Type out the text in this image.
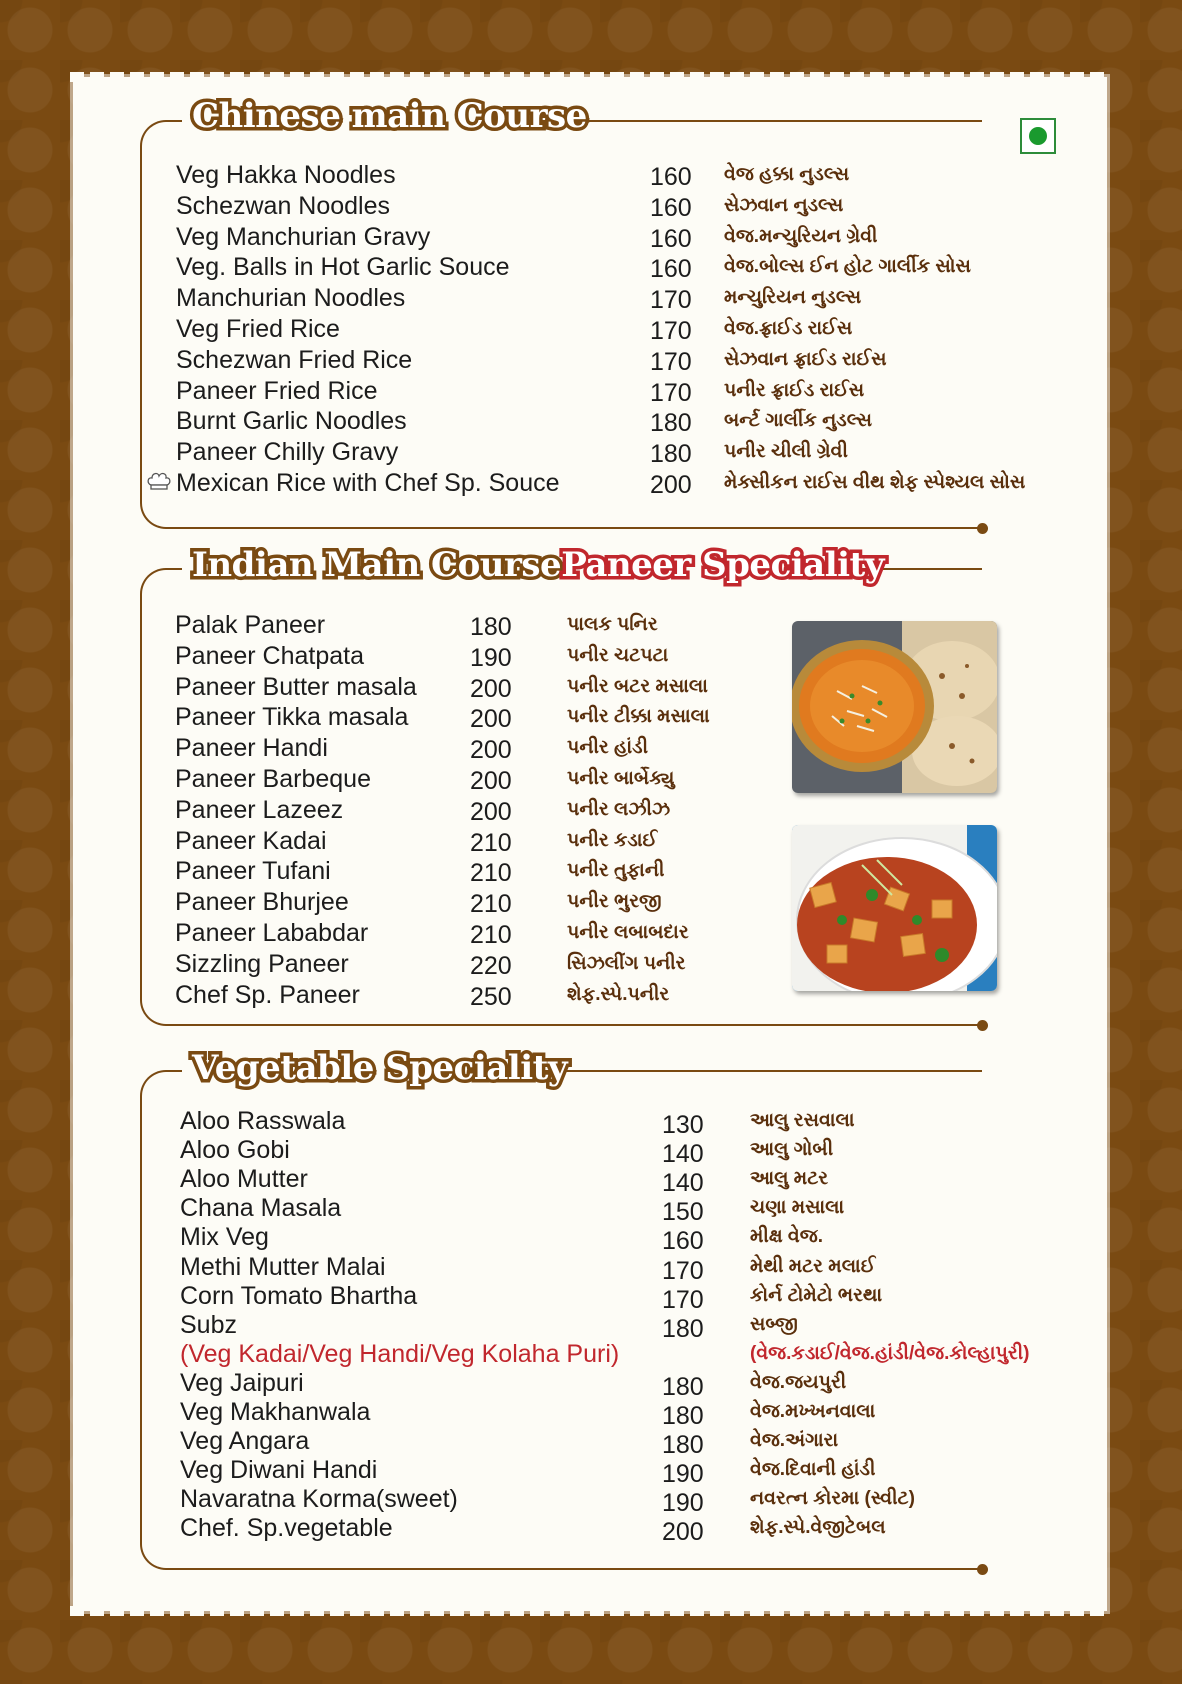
Chinese main Course
Indian Main CoursePaneer Speciality
Vegetable Speciality
Veg Hakka Noodles	160 વેજ હક્કા નુડલ્સ
Schezwan Noodles	160 સેઝવાન નુડલ્સ
Veg Manchurian Gravy	160 વેજ.મન્ચુરિયન ગ્રેવી
Veg. Balls in Hot Garlic Souce	160 વેજ.બોલ્સ ઈન હોટ ગાર્લીક સોસ
Manchurian Noodles	170 મન્ચુરિયન નુડલ્સ
Veg Fried Rice	170 વેજ.ફ્રાઈડ રાઈસ
Schezwan Fried Rice	170 સેઝવાન ફ્રાઈડ રાઈસ
Paneer Fried Rice	170 પનીર ફ્રાઈડ રાઈસ
Burnt Garlic Noodles	180 બર્ન્ટ ગાર્લીક નુડલ્સ
Paneer Chilly Gravy	180 પનીર ચીલી ગ્રેવી
Mexican Rice with Chef Sp. Souce	200 મેક્સીકન રાઈસ વીથ શેફ સ્પેશ્યલ સોસ
Palak Paneer	180	પાલક પનિર
Paneer Chatpata	190	પનીર ચટપટા
Paneer Butter masala 200	પનીર બટર મસાલા
Paneer Tikka masala 200	પનીર ટીક્કા મસાલા
Paneer Handi	200	પનીર હાંડી
Paneer Barbeque	200	પનીર બાર્બેક્યુ
Paneer Lazeez	200	પનીર લઝીઝ
Paneer Kadai	210	પનીર કડાઈ
Paneer Tufani	210	પનીર તુફાની
Paneer Bhurjee	210	પનીર ભુરજી
Paneer Lababdar	210	પનીર લબાબદાર
Sizzling Paneer	220	સિઝલીંગ પનીર
Chef Sp. Paneer	250	શેફ.સ્પે.પનીર
Aloo Rasswala	130 આલુ રસવાલા
Aloo Gobi	140 આલુ ગોબી
Aloo Mutter	140 આલુ મટર
Chana Masala	150 ચણા મસાલા
Mix Veg	160 મીક્ષ વેજ.
Methi Mutter Malai	170 મેથી મટર મલાઈ
Corn Tomato Bhartha	170 કોર્ન ટોમેટો ભરથા
Subz	180 સબ્જી
(Veg Kadai/Veg Handi/Veg Kolaha Puri)	(વેજ.કડાઈ/વેજ.હાંડી/વેજ.કોલ્હાપુરી)
Veg Jaipuri	180 વેજ.જયપુરી
Veg Makhanwala	180 વેજ.મખ્ખનવાલા
Veg Angara	180 વેજ.અંગારા
Veg Diwani Handi	190 વેજ.દિવાની હાંડી
Navaratna Korma(sweet)	190 નવરત્ન કોરમા (સ્વીટ)
Chef. Sp.vegetable	200 શેફ.સ્પે.વેજીટેબલ
